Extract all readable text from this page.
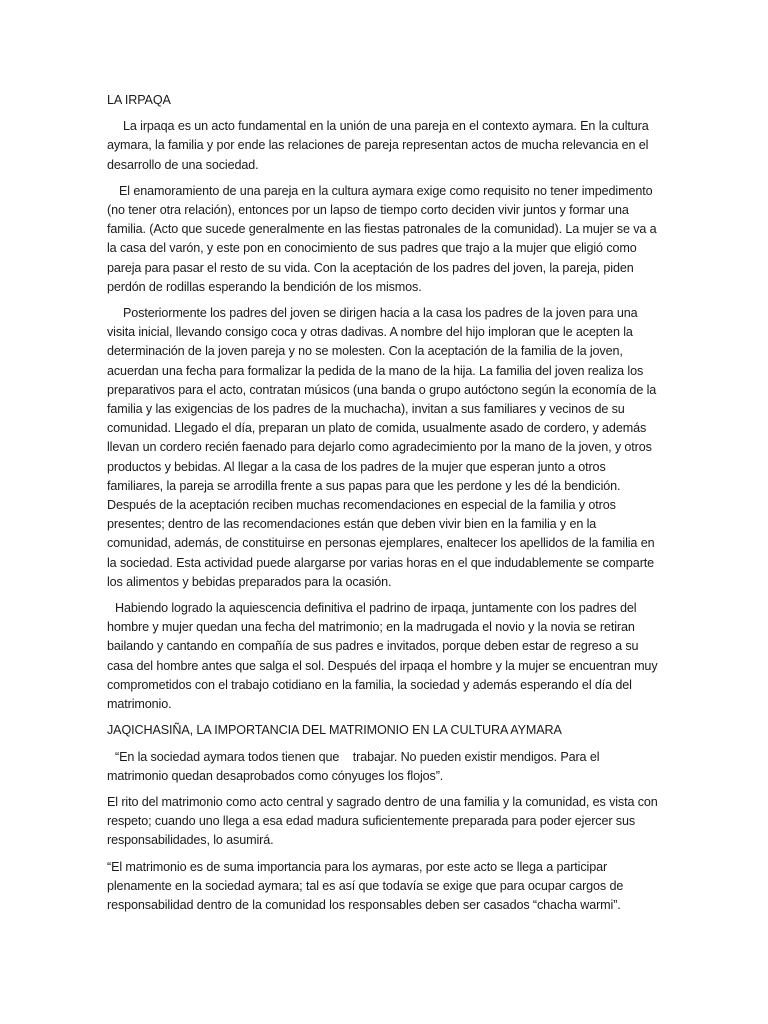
LA IRPAQA

La irpaqa es un acto fundamental en la unión de una pareja en el contexto aymara. En la cultura aymara, la familia y por ende las relaciones de pareja representan actos de mucha relevancia en el desarrollo de una sociedad.

El enamoramiento de una pareja en la cultura aymara exige como requisito no tener impedimento (no tener otra relación), entonces por un lapso de tiempo corto deciden vivir juntos y formar una familia. (Acto que sucede generalmente en las fiestas patronales de la comunidad). La mujer se va a la casa del varón, y este pon en conocimiento de sus padres que trajo a la mujer que eligió como pareja para pasar el resto de su vida. Con la aceptación de los padres del joven, la pareja, piden perdón de rodillas esperando la bendición de los mismos.

Posteriormente los padres del joven se dirigen hacia a la casa los padres de la joven para una visita inicial, llevando consigo coca y otras dadivas. A nombre del hijo imploran que le acepten la determinación de la joven pareja y no se molesten. Con la aceptación de la familia de la joven, acuerdan una fecha para formalizar la pedida de la mano de la hija. La familia del joven realiza los preparativos para el acto, contratan músicos (una banda o grupo autóctono según la economía de la familia y las exigencias de los padres de la muchacha), invitan a sus familiares y vecinos de su comunidad. Llegado el día, preparan un plato de comida, usualmente asado de cordero, y además llevan un cordero recién faenado para dejarlo como agradecimiento por la mano de la joven, y otros productos y bebidas. Al llegar a la casa de los padres de la mujer que esperan junto a otros familiares, la pareja se arrodilla frente a sus papas para que les perdone y les dé la bendición. Después de la aceptación reciben muchas recomendaciones en especial de la familia y otros presentes; dentro de las recomendaciones están que deben vivir bien en la familia y en la comunidad, además, de constituirse en personas ejemplares, enaltecer los apellidos de la familia en la sociedad. Esta actividad puede alargarse por varias horas en el que indudablemente se comparte los alimentos y bebidas preparados para la ocasión.

Habiendo logrado la aquiescencia definitiva el padrino de irpaqa, juntamente con los padres del hombre y mujer quedan una fecha del matrimonio; en la madrugada el novio y la novia se retiran bailando y cantando en compañía de sus padres e invitados, porque deben estar de regreso a su casa del hombre antes que salga el sol. Después del irpaqa el hombre y la mujer se encuentran muy comprometidos con el trabajo cotidiano en la familia, la sociedad y además esperando el día del matrimonio.

JAQICHASIÑA, LA IMPORTANCIA DEL MATRIMONIO EN LA CULTURA AYMARA

“En la sociedad aymara todos tienen que    trabajar. No pueden existir mendigos. Para el matrimonio quedan desaprobados como cónyuges los flojos”.

El rito del matrimonio como acto central y sagrado dentro de una familia y la comunidad, es vista con respeto; cuando uno llega a esa edad madura suficientemente preparada para poder ejercer sus responsabilidades, lo asumirá.

“El matrimonio es de suma importancia para los aymaras, por este acto se llega a participar plenamente en la sociedad aymara; tal es así que todavía se exige que para ocupar cargos de responsabilidad dentro de la comunidad los responsables deben ser casados “chacha warmi”.
